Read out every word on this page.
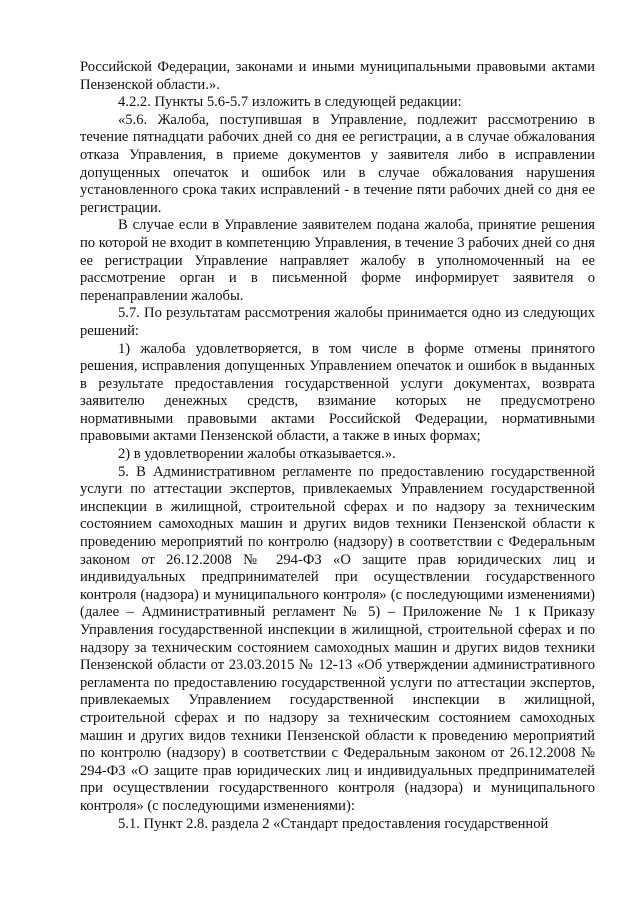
Российской Федерации, законами и иными муниципальными правовыми актами Пензенской области.».

4.2.2. Пункты 5.6-5.7 изложить в следующей редакции:

«5.6. Жалоба, поступившая в Управление, подлежит рассмотрению в течение пятнадцати рабочих дней со дня ее регистрации, а в случае обжалования отказа Управления, в приеме документов у заявителя либо в исправлении допущенных опечаток и ошибок или в случае обжалования нарушения установленного срока таких исправлений - в течение пяти рабочих дней со дня ее регистрации.

В случае если в Управление заявителем подана жалоба, принятие решения по которой не входит в компетенцию Управления, в течение 3 рабочих дней со дня ее регистрации Управление направляет жалобу в уполномоченный на ее рассмотрение орган и в письменной форме информирует заявителя о перенаправлении жалобы.

5.7. По результатам рассмотрения жалобы принимается одно из следующих решений:

1) жалоба удовлетворяется, в том числе в форме отмены принятого решения, исправления допущенных Управлением опечаток и ошибок в выданных в результате предоставления государственной услуги документах, возврата заявителю денежных средств, взимание которых не предусмотрено нормативными правовыми актами Российской Федерации, нормативными правовыми актами Пензенской области, а также в иных формах;

2) в удовлетворении жалобы отказывается.».

5. В Административном регламенте по предоставлению государственной услуги по аттестации экспертов, привлекаемых Управлением государственной инспекции в жилищной, строительной сферах и по надзору за техническим состоянием самоходных машин и других видов техники Пензенской области к проведению мероприятий по контролю (надзору) в соответствии с Федеральным законом от 26.12.2008 № 294-ФЗ «О защите прав юридических лиц и индивидуальных предпринимателей при осуществлении государственного контроля (надзора) и муниципального контроля» (с последующими изменениями) (далее – Административный регламент № 5) – Приложение № 1 к Приказу Управления государственной инспекции в жилищной, строительной сферах и по надзору за техническим состоянием самоходных машин и других видов техники Пензенской области от 23.03.2015 № 12-13 «Об утверждении административного регламента по предоставлению государственной услуги по аттестации экспертов, привлекаемых Управлением государственной инспекции в жилищной, строительной сферах и по надзору за техническим состоянием самоходных машин и других видов техники Пензенской области к проведению мероприятий по контролю (надзору) в соответствии с Федеральным законом от 26.12.2008 № 294-ФЗ «О защите прав юридических лиц и индивидуальных предпринимателей при осуществлении государственного контроля (надзора) и муниципального контроля» (с последующими изменениями):

5.1. Пункт 2.8. раздела 2 «Стандарт предоставления государственной
